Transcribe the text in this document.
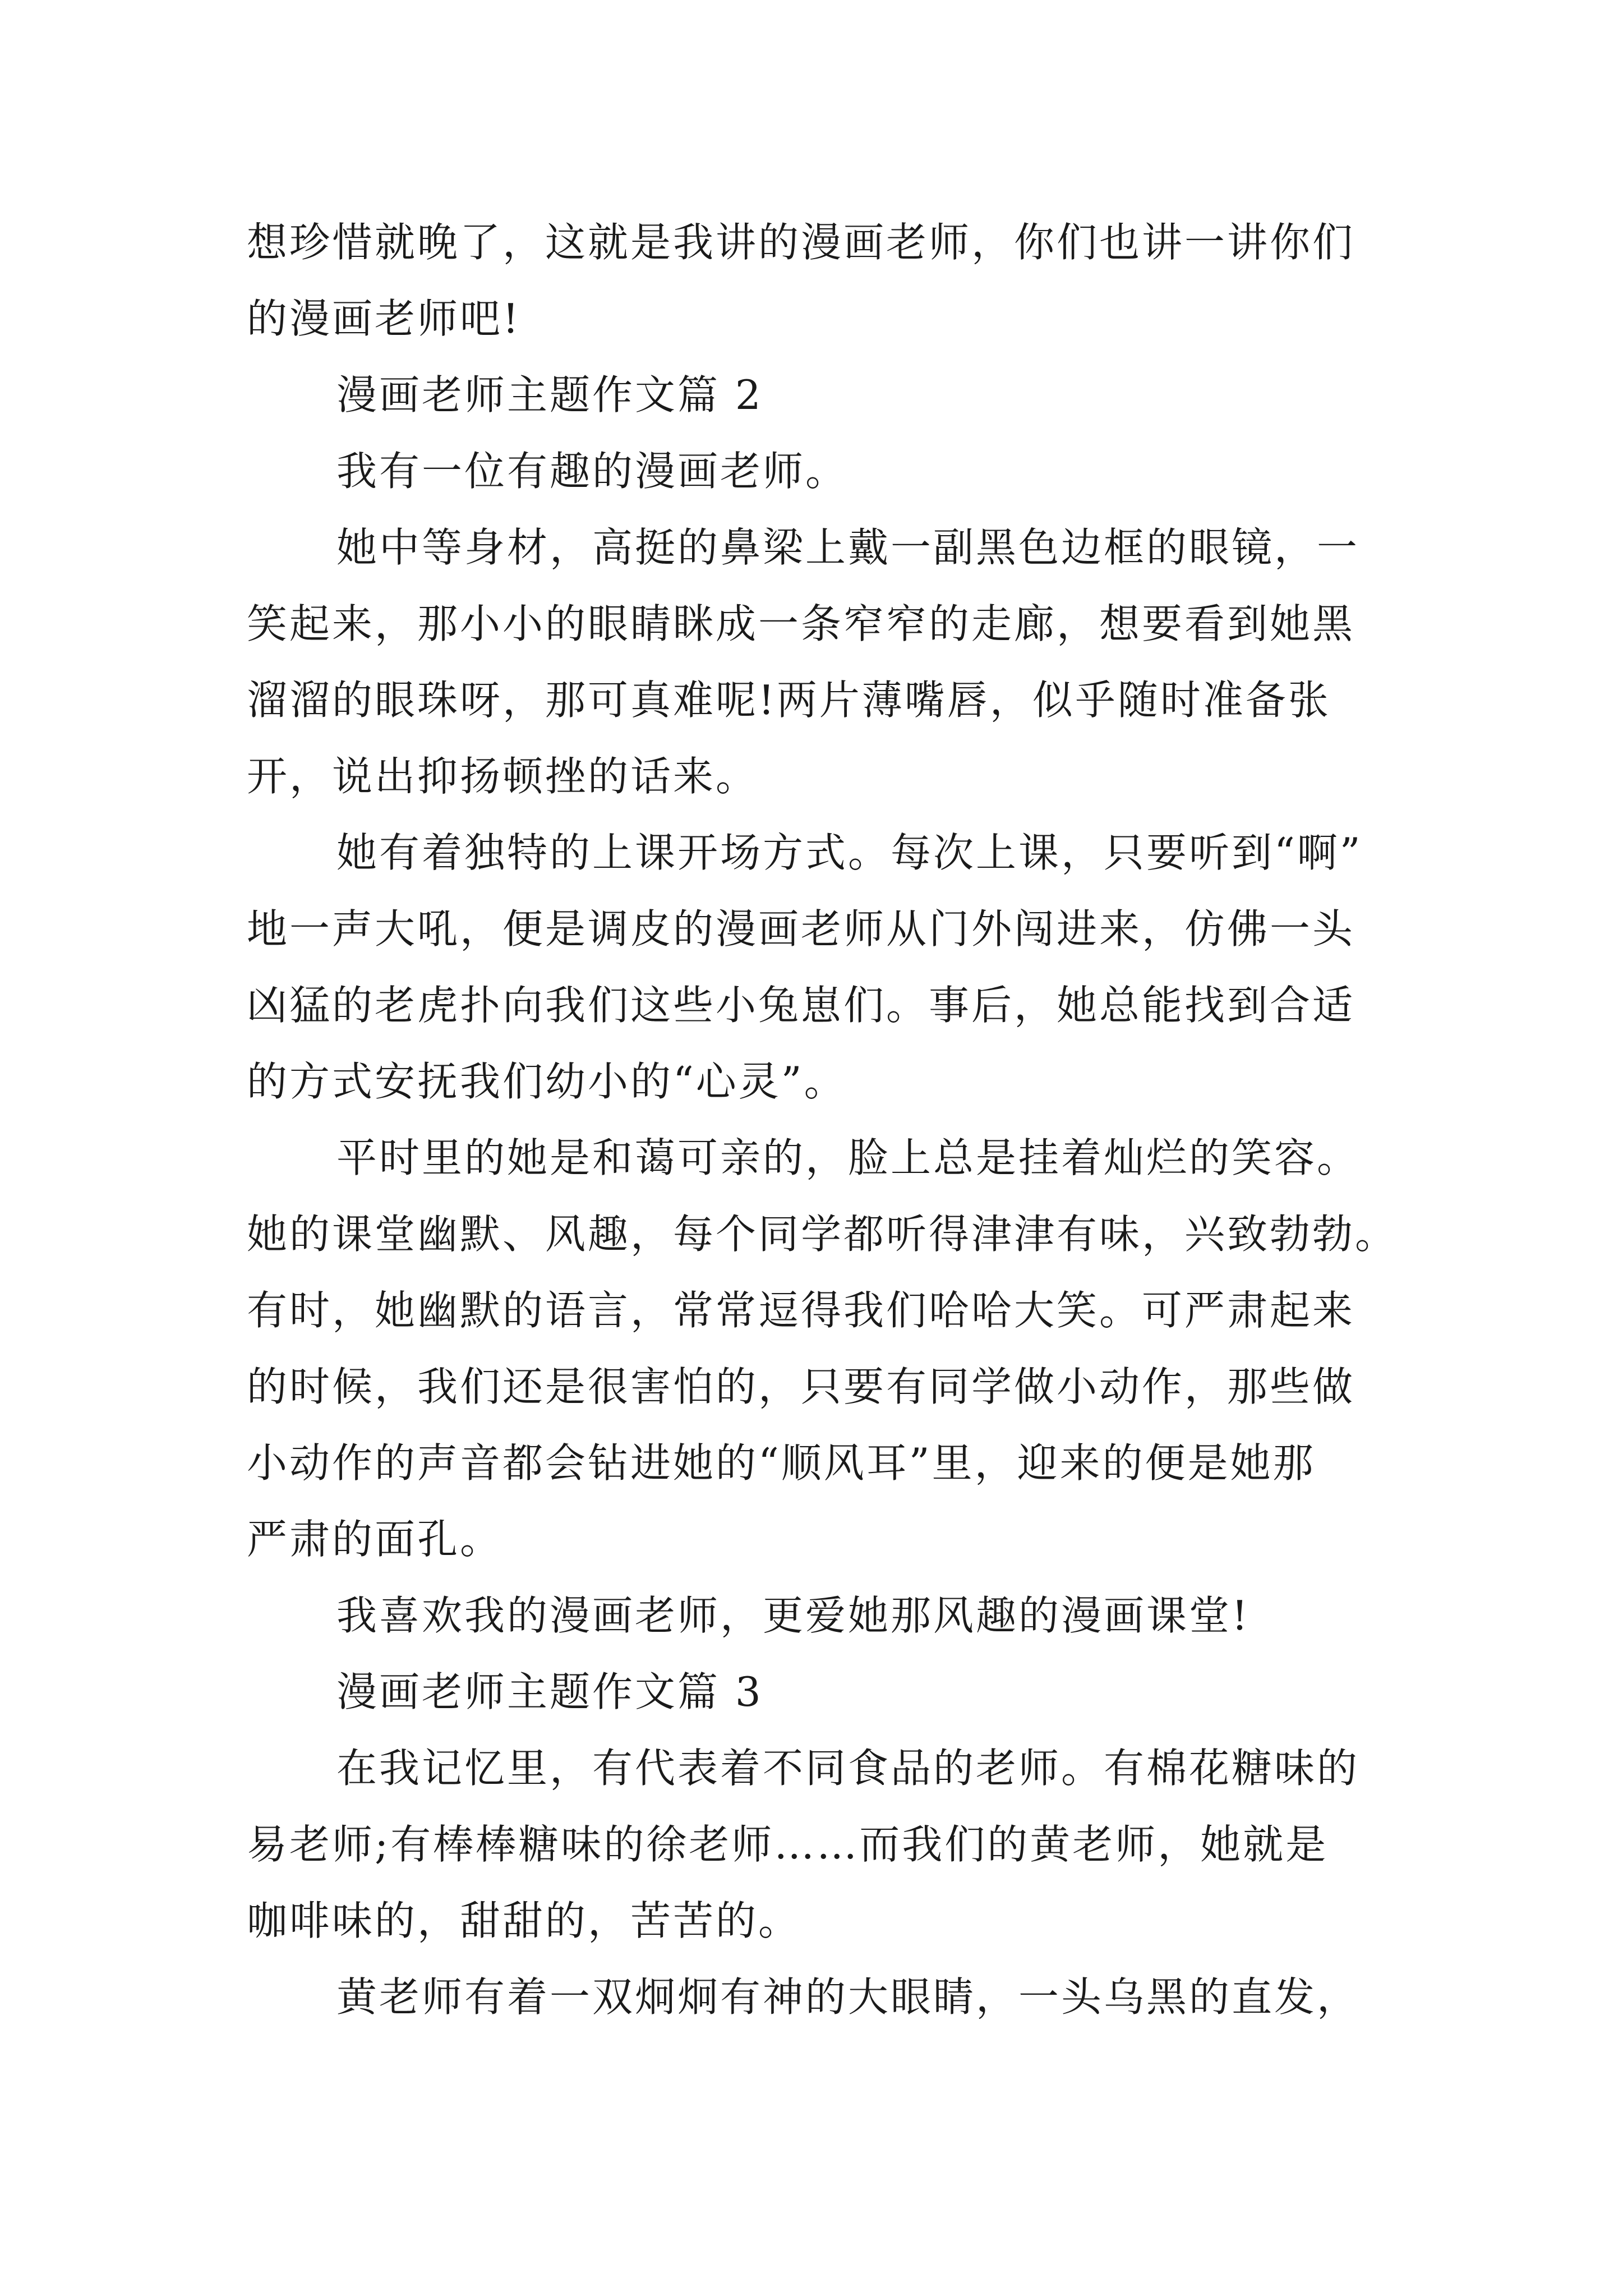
想珍惜就晚了，这就是我讲的漫画老师，你们也讲一讲你们
的漫画老师吧!
漫画老师主题作文篇 2
我有一位有趣的漫画老师。
她中等身材，高挺的鼻梁上戴一副黑色边框的眼镜，一
笑起来，那小小的眼睛眯成一条窄窄的走廊，想要看到她黑
溜溜的眼珠呀，那可真难呢!两片薄嘴唇，似乎随时准备张
开，说出抑扬顿挫的话来。
她有着独特的上课开场方式。每次上课，只要听到“啊”
地一声大吼，便是调皮的漫画老师从门外闯进来，仿佛一头
凶猛的老虎扑向我们这些小兔崽们。事后，她总能找到合适
的方式安抚我们幼小的“心灵”。
平时里的她是和蔼可亲的，脸上总是挂着灿烂的笑容。
她的课堂幽默、风趣，每个同学都听得津津有味，兴致勃勃。
有时，她幽默的语言，常常逗得我们哈哈大笑。可严肃起来
的时候，我们还是很害怕的，只要有同学做小动作，那些做
小动作的声音都会钻进她的“顺风耳”里，迎来的便是她那
严肃的面孔。
我喜欢我的漫画老师，更爱她那风趣的漫画课堂!
漫画老师主题作文篇 3
在我记忆里，有代表着不同食品的老师。有棉花糖味的
易老师;有棒棒糖味的徐老师……而我们的黄老师，她就是
咖啡味的，甜甜的，苦苦的。
黄老师有着一双炯炯有神的大眼睛，一头乌黑的直发，
